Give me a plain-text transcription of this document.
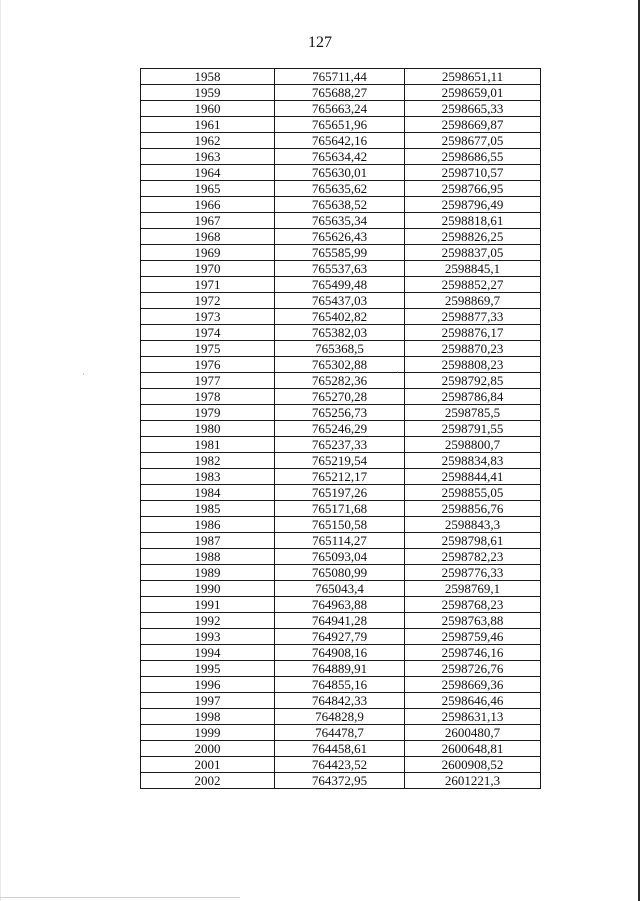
127
1958	765711,44	2598651,11
1959	765688,27	2598659,01
1960	765663,24	2598665,33
1961	765651,96	2598669,87
1962	765642,16	2598677,05
1963	765634,42	2598686,55
1964	765630,01	2598710,57
1965	765635,62	2598766,95
1966	765638,52	2598796,49
1967	765635,34	2598818,61
1968	765626,43	2598826,25
1969	765585,99	2598837,05
1970	765537,63	2598845,1
1971	765499,48	2598852,27
1972	765437,03	2598869,7
1973	765402,82	2598877,33
1974	765382,03	2598876,17
1975	765368,5	2598870,23
1976	765302,88	2598808,23
1977	765282,36	2598792,85
1978	765270,28	2598786,84
1979	765256,73	2598785,5
1980	765246,29	2598791,55
1981	765237,33	2598800,7
1982	765219,54	2598834,83
1983	765212,17	2598844,41
1984	765197,26	2598855,05
1985	765171,68	2598856,76
1986	765150,58	2598843,3
1987	765114,27	2598798,61
1988	765093,04	2598782,23
1989	765080,99	2598776,33
1990	765043,4	2598769,1
1991	764963,88	2598768,23
1992	764941,28	2598763,88
1993	764927,79	2598759,46
1994	764908,16	2598746,16
1995	764889,91	2598726,76
1996	764855,16	2598669,36
1997	764842,33	2598646,46
1998	764828,9	2598631,13
1999	764478,7	2600480,7
2000	764458,61	2600648,81
2001	764423,52	2600908,52
2002	764372,95	2601221,3
˙	˙
